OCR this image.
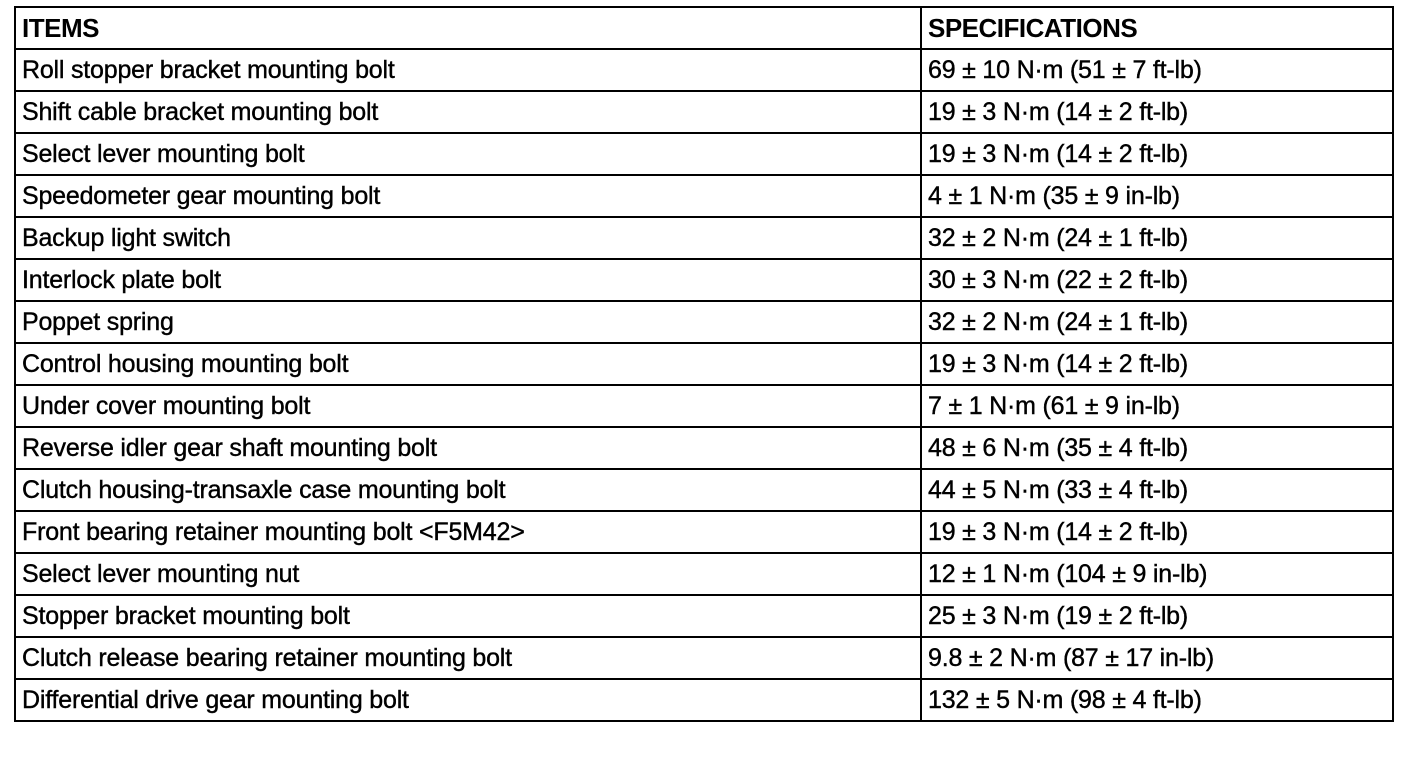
ITEMS	SPECIFICATIONS
Roll stopper bracket mounting bolt	69 ± 10 N·m (51 ± 7 ft-lb)
Shift cable bracket mounting bolt	19 ± 3 N·m (14 ± 2 ft-lb)
Select lever mounting bolt	19 ± 3 N·m (14 ± 2 ft-lb)
Speedometer gear mounting bolt	4 ± 1 N·m (35 ± 9 in-lb)
Backup light switch	32 ± 2 N·m (24 ± 1 ft-lb)
Interlock plate bolt	30 ± 3 N·m (22 ± 2 ft-lb)
Poppet spring	32 ± 2 N·m (24 ± 1 ft-lb)
Control housing mounting bolt	19 ± 3 N·m (14 ± 2 ft-lb)
Under cover mounting bolt	7 ± 1 N·m (61 ± 9 in-lb)
Reverse idler gear shaft mounting bolt	48 ± 6 N·m (35 ± 4 ft-lb)
Clutch housing-transaxle case mounting bolt	44 ± 5 N·m (33 ± 4 ft-lb)
Front bearing retainer mounting bolt <F5M42>	19 ± 3 N·m (14 ± 2 ft-lb)
Select lever mounting nut	12 ± 1 N·m (104 ± 9 in-lb)
Stopper bracket mounting bolt	25 ± 3 N·m (19 ± 2 ft-lb)
Clutch release bearing retainer mounting bolt	9.8 ± 2 N·m (87 ± 17 in-lb)
Differential drive gear mounting bolt	132 ± 5 N·m (98 ± 4 ft-lb)
